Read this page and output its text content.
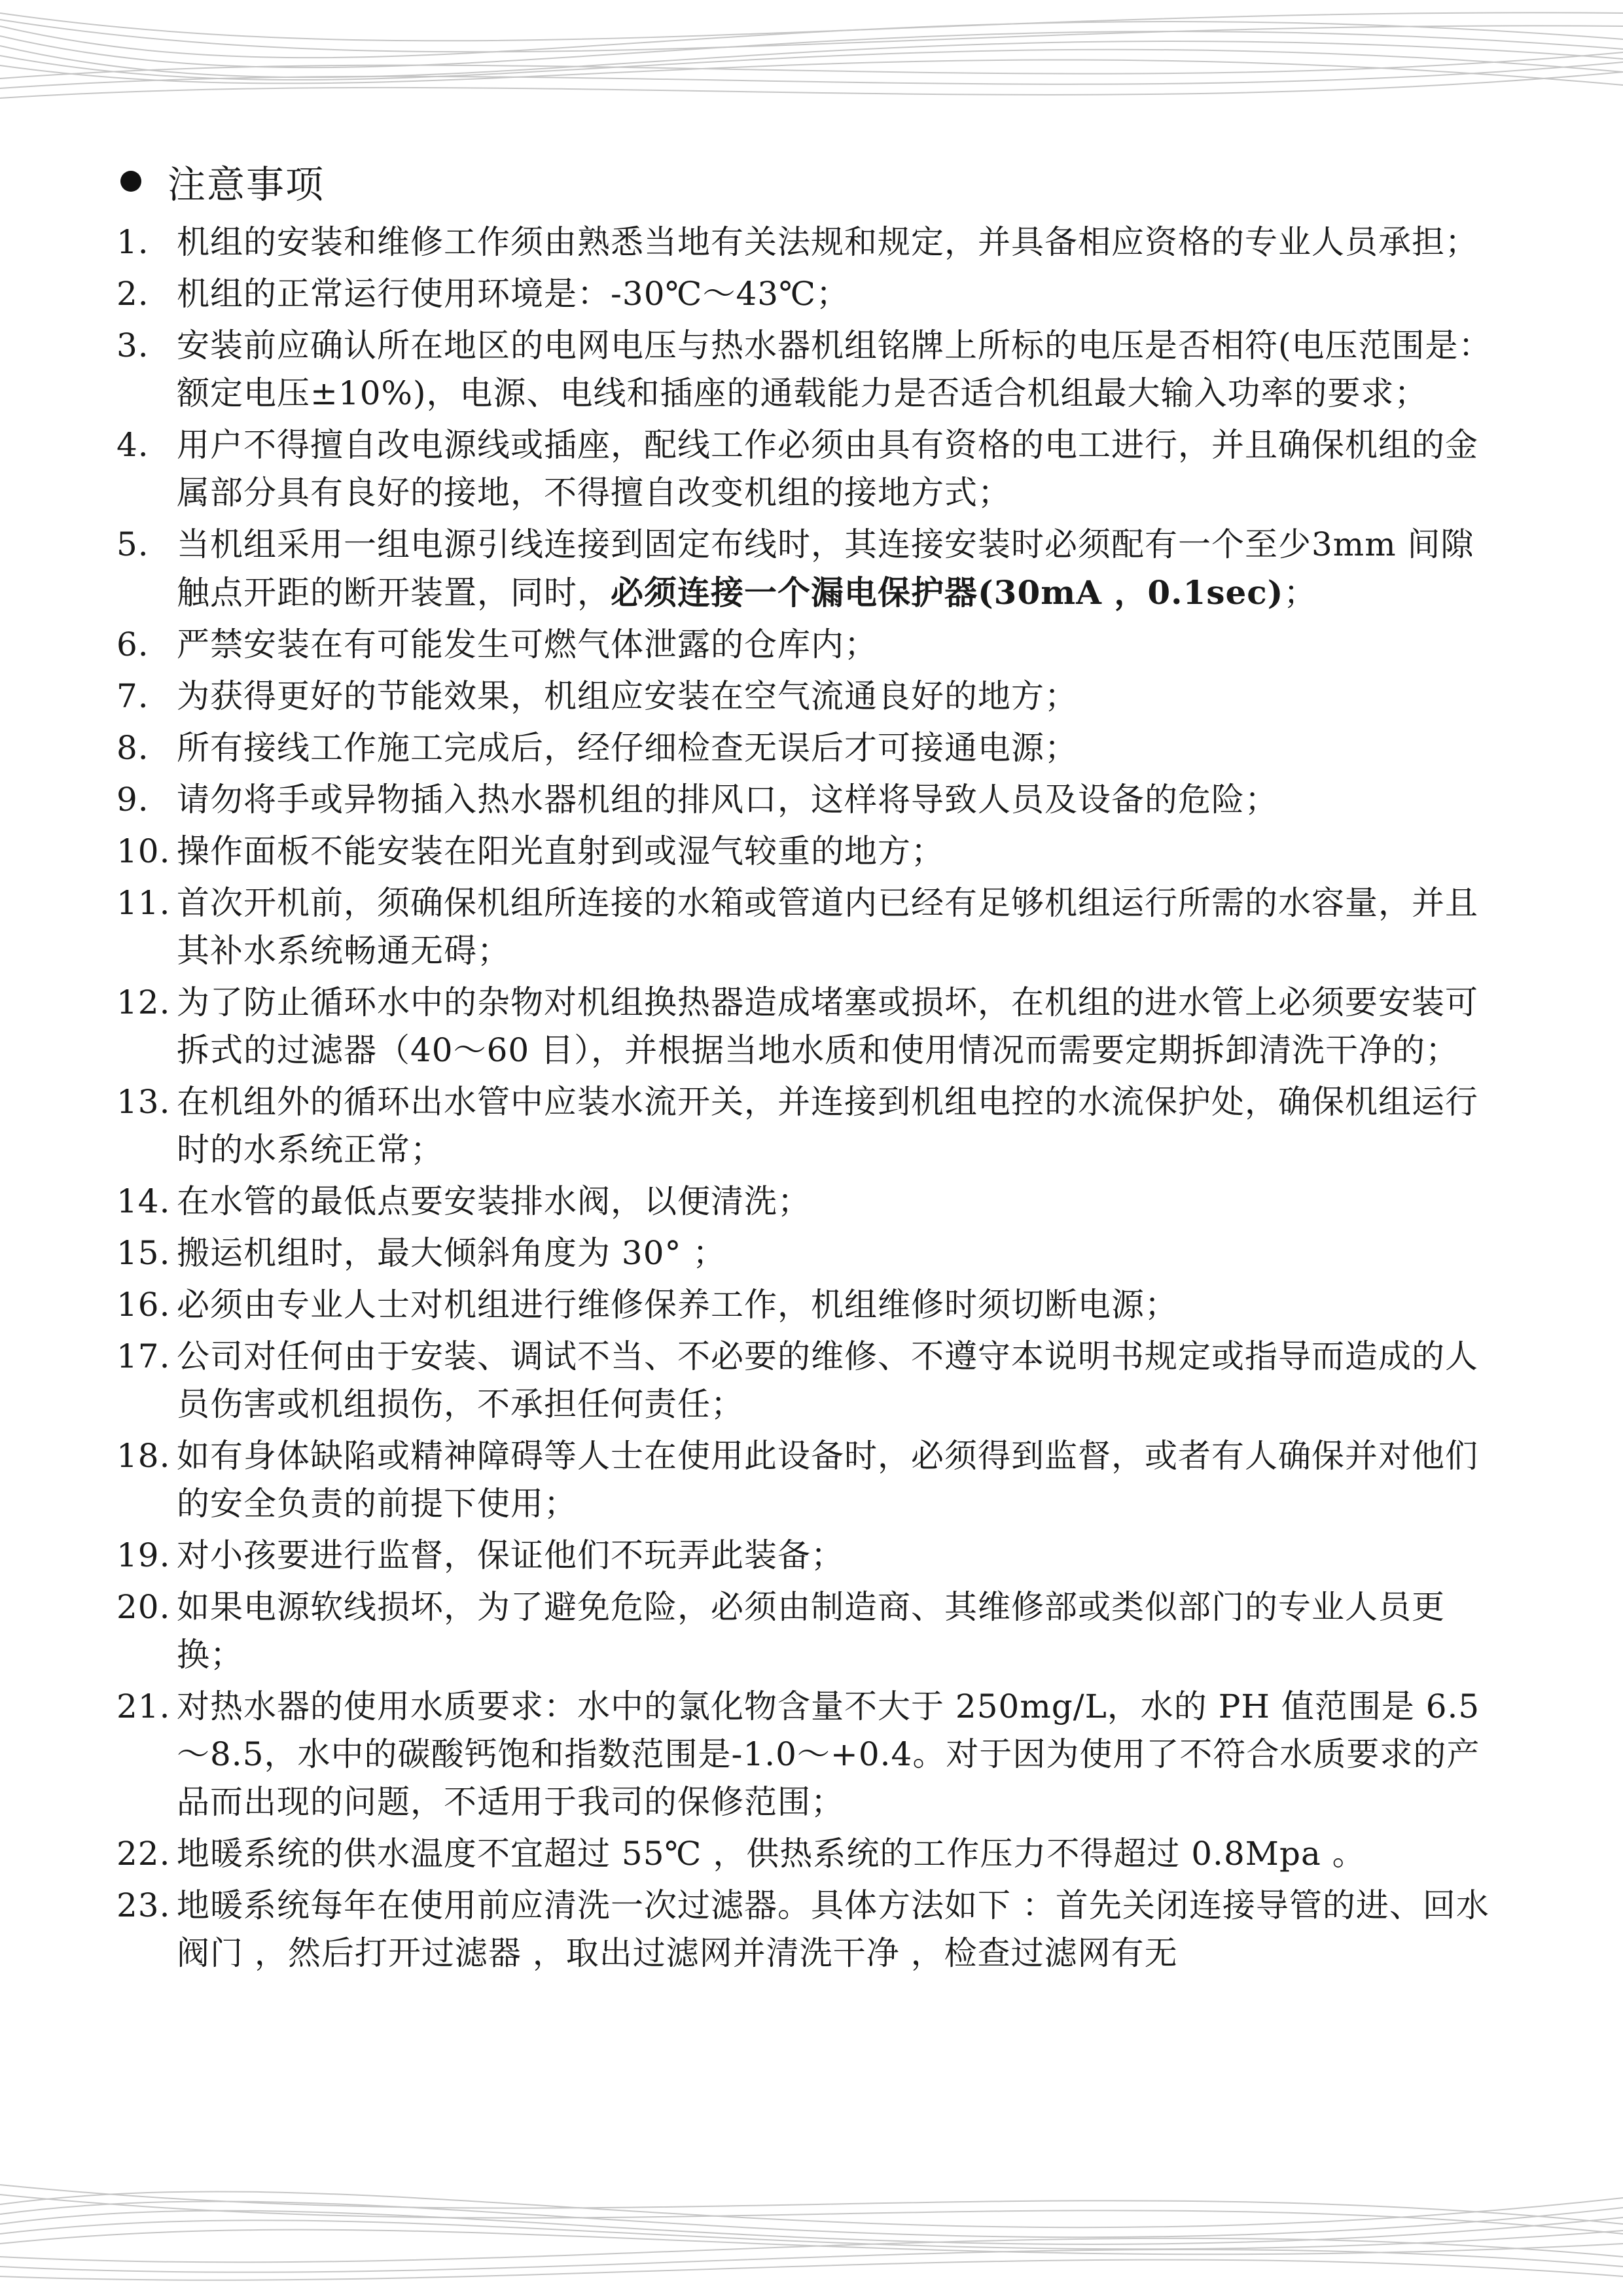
注意事项
1. 机组的安装和维修工作须由熟悉当地有关法规和规定，并具备相应资格的专业人员承担；
2. 机组的正常运行使用环境是：-30℃～43℃；
3. 安装前应确认所在地区的电网电压与热水器机组铭牌上所标的电压是否相符(电压范围是：额定电压±10%)，电源、电线和插座的通载能力是否适合机组最大输入功率的要求；
4. 用户不得擅自改电源线或插座，配线工作必须由具有资格的电工进行，并且确保机组的金属部分具有良好的接地，不得擅自改变机组的接地方式；
5. 当机组采用一组电源引线连接到固定布线时，其连接安装时必须配有一个至少3mm 间隙触点开距的断开装置，同时，必须连接一个漏电保护器(30mA ，0.1sec)；
6. 严禁安装在有可能发生可燃气体泄露的仓库内；
7. 为获得更好的节能效果，机组应安装在空气流通良好的地方；
8. 所有接线工作施工完成后，经仔细检查无误后才可接通电源；
9. 请勿将手或异物插入热水器机组的排风口，这样将导致人员及设备的危险；
10. 操作面板不能安装在阳光直射到或湿气较重的地方；
11. 首次开机前，须确保机组所连接的水箱或管道内已经有足够机组运行所需的水容量，并且其补水系统畅通无碍；
12. 为了防止循环水中的杂物对机组换热器造成堵塞或损坏，在机组的进水管上必须要安装可拆式的过滤器（40～60 目），并根据当地水质和使用情况而需要定期拆卸清洗干净的；
13. 在机组外的循环出水管中应装水流开关，并连接到机组电控的水流保护处，确保机组运行时的水系统正常；
14. 在水管的最低点要安装排水阀，以便清洗；
15. 搬运机组时，最大倾斜角度为 30° ；
16. 必须由专业人士对机组进行维修保养工作，机组维修时须切断电源；
17. 公司对任何由于安装、调试不当、不必要的维修、不遵守本说明书规定或指导而造成的人员伤害或机组损伤，不承担任何责任；
18. 如有身体缺陷或精神障碍等人士在使用此设备时，必须得到监督，或者有人确保并对他们的安全负责的前提下使用；
19. 对小孩要进行监督，保证他们不玩弄此装备；
20. 如果电源软线损坏，为了避免危险，必须由制造商、其维修部或类似部门的专业人员更换；
21. 对热水器的使用水质要求：水中的氯化物含量不大于 250mg/L，水的 PH 值范围是 6.5～8.5，水中的碳酸钙饱和指数范围是-1.0～+0.4。对于因为使用了不符合水质要求的产品而出现的问题，不适用于我司的保修范围；
22. 地暖系统的供水温度不宜超过 55℃ ，供热系统的工作压力不得超过 0.8Mpa 。
23. 地暖系统每年在使用前应清洗一次过滤器。具体方法如下 ：首先关闭连接导管的进、回水阀门 ，然后打开过滤器 ，取出过滤网并清洗干净 ，检查过滤网有无
